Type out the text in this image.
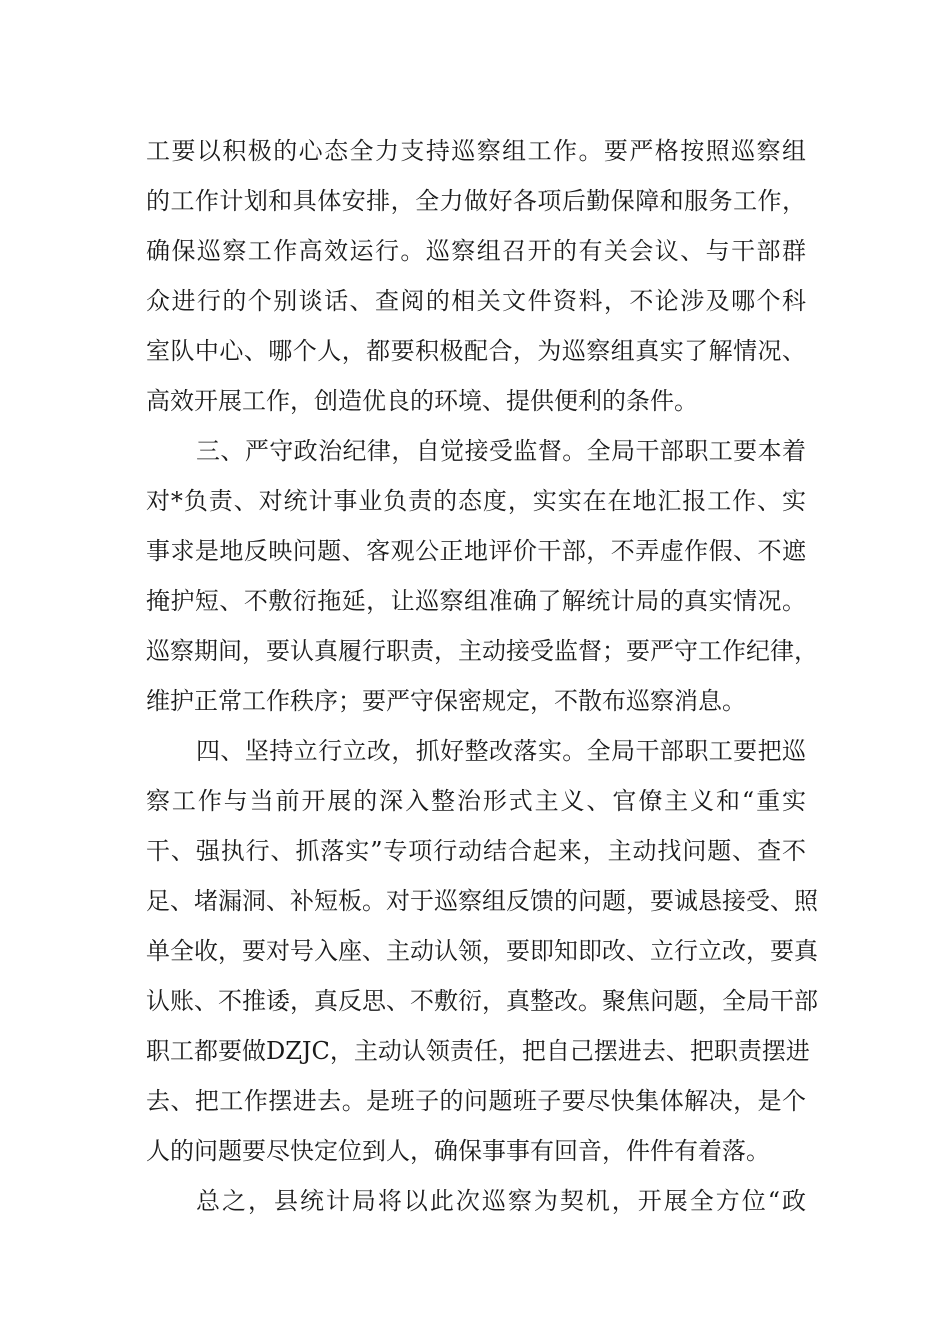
工要以积极的心态全力支持巡察组工作。要严格按照巡察组
的工作计划和具体安排，全力做好各项后勤保障和服务工作，
确保巡察工作高效运行。巡察组召开的有关会议、与干部群
众进行的个别谈话、查阅的相关文件资料，不论涉及哪个科
室队中心、哪个人，都要积极配合，为巡察组真实了解情况、
高效开展工作，创造优良的环境、提供便利的条件。
三、严守政治纪律，自觉接受监督。全局干部职工要本着
对*负责、对统计事业负责的态度，实实在在地汇报工作、实
事求是地反映问题、客观公正地评价干部，不弄虚作假、不遮
掩护短、不敷衍拖延，让巡察组准确了解统计局的真实情况。
巡察期间，要认真履行职责，主动接受监督；要严守工作纪律，
维护正常工作秩序；要严守保密规定，不散布巡察消息。
四、坚持立行立改，抓好整改落实。全局干部职工要把巡
察工作与当前开展的深入整治形式主义、官僚主义和“重实
干、强执行、抓落实”专项行动结合起来，主动找问题、查不
足、堵漏洞、补短板。对于巡察组反馈的问题，要诚恳接受、照
单全收，要对号入座、主动认领，要即知即改、立行立改，要真
认账、不推诿，真反思、不敷衍，真整改。聚焦问题，全局干部
职工都要做DZJC，主动认领责任，把自己摆进去、把职责摆进
去、把工作摆进去。是班子的问题班子要尽快集体解决，是个
人的问题要尽快定位到人，确保事事有回音，件件有着落。
总之，县统计局将以此次巡察为契机，开展全方位“政
